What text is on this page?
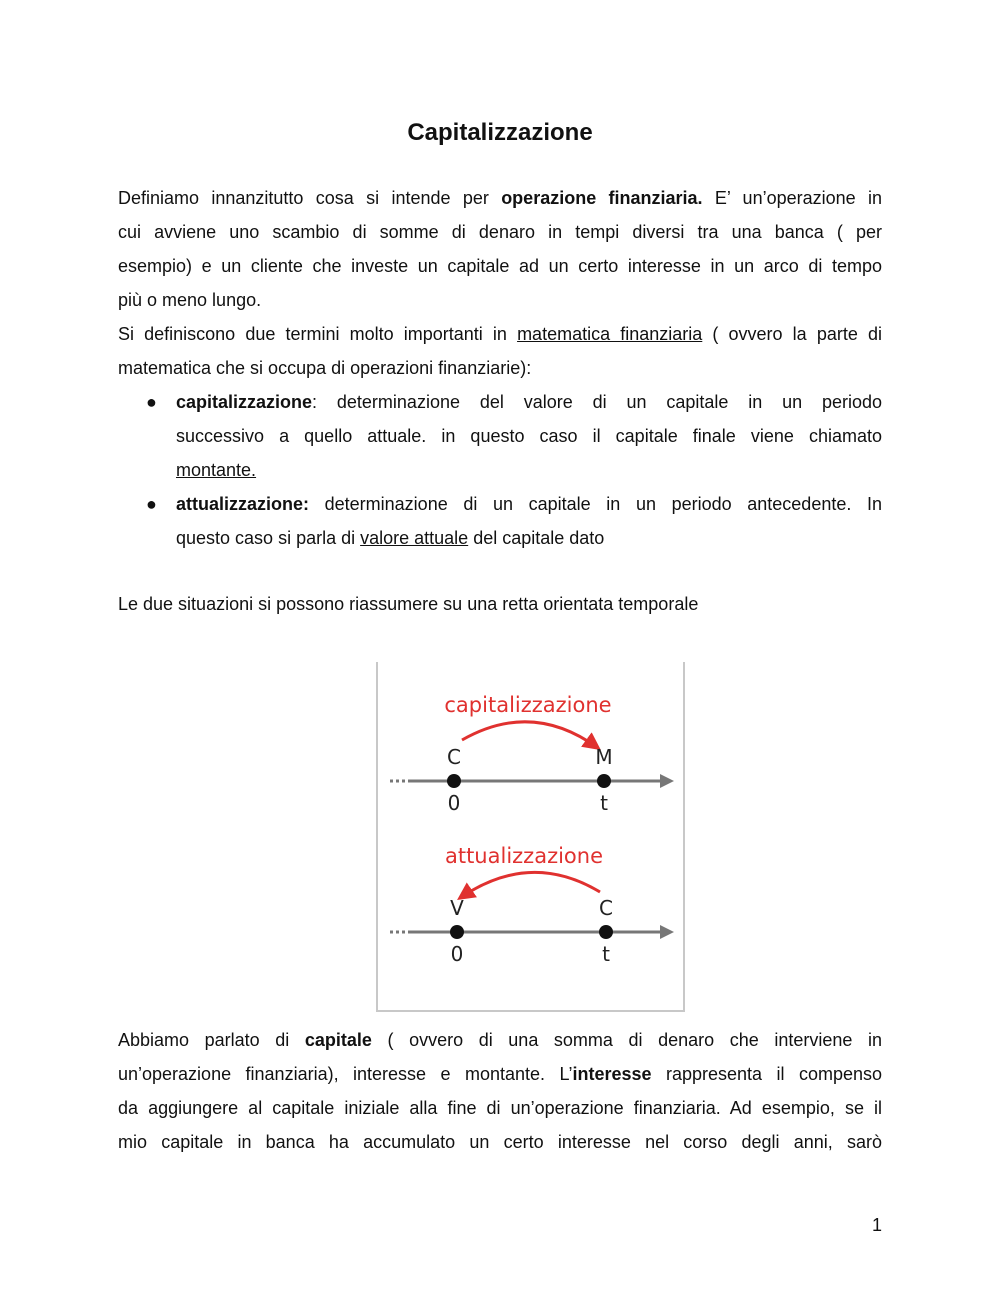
Capitalizzazione
Definiamo innanzitutto cosa si intende per operazione finanziaria. E’ un’operazione in
cui avviene uno scambio di somme di denaro in tempi diversi tra una banca ( per
esempio) e un cliente che investe un capitale ad un certo interesse in un arco di tempo
più o meno lungo.
Si definiscono due termini molto importanti in matematica finanziaria ( ovvero la parte di
matematica che si occupa di operazioni finanziarie):
● capitalizzazione: determinazione del valore di un capitale in un periodo
successivo a quello attuale. in questo caso il capitale finale viene chiamato
montante.
● attualizzazione: determinazione di un capitale in un periodo antecedente. In
questo caso si parla di valore attuale del capitale dato
Le due situazioni si possono riassumere su una retta orientata temporale
capitalizzazione
C	M
0	t
attualizzazione
V	C
0	t
Abbiamo parlato di capitale ( ovvero di una somma di denaro che interviene in
un’operazione finanziaria), interesse e montante. L’interesse rappresenta il compenso
da aggiungere al capitale iniziale alla fine di un’operazione finanziaria. Ad esempio, se il
mio capitale in banca ha accumulato un certo interesse nel corso degli anni, sarò
1
